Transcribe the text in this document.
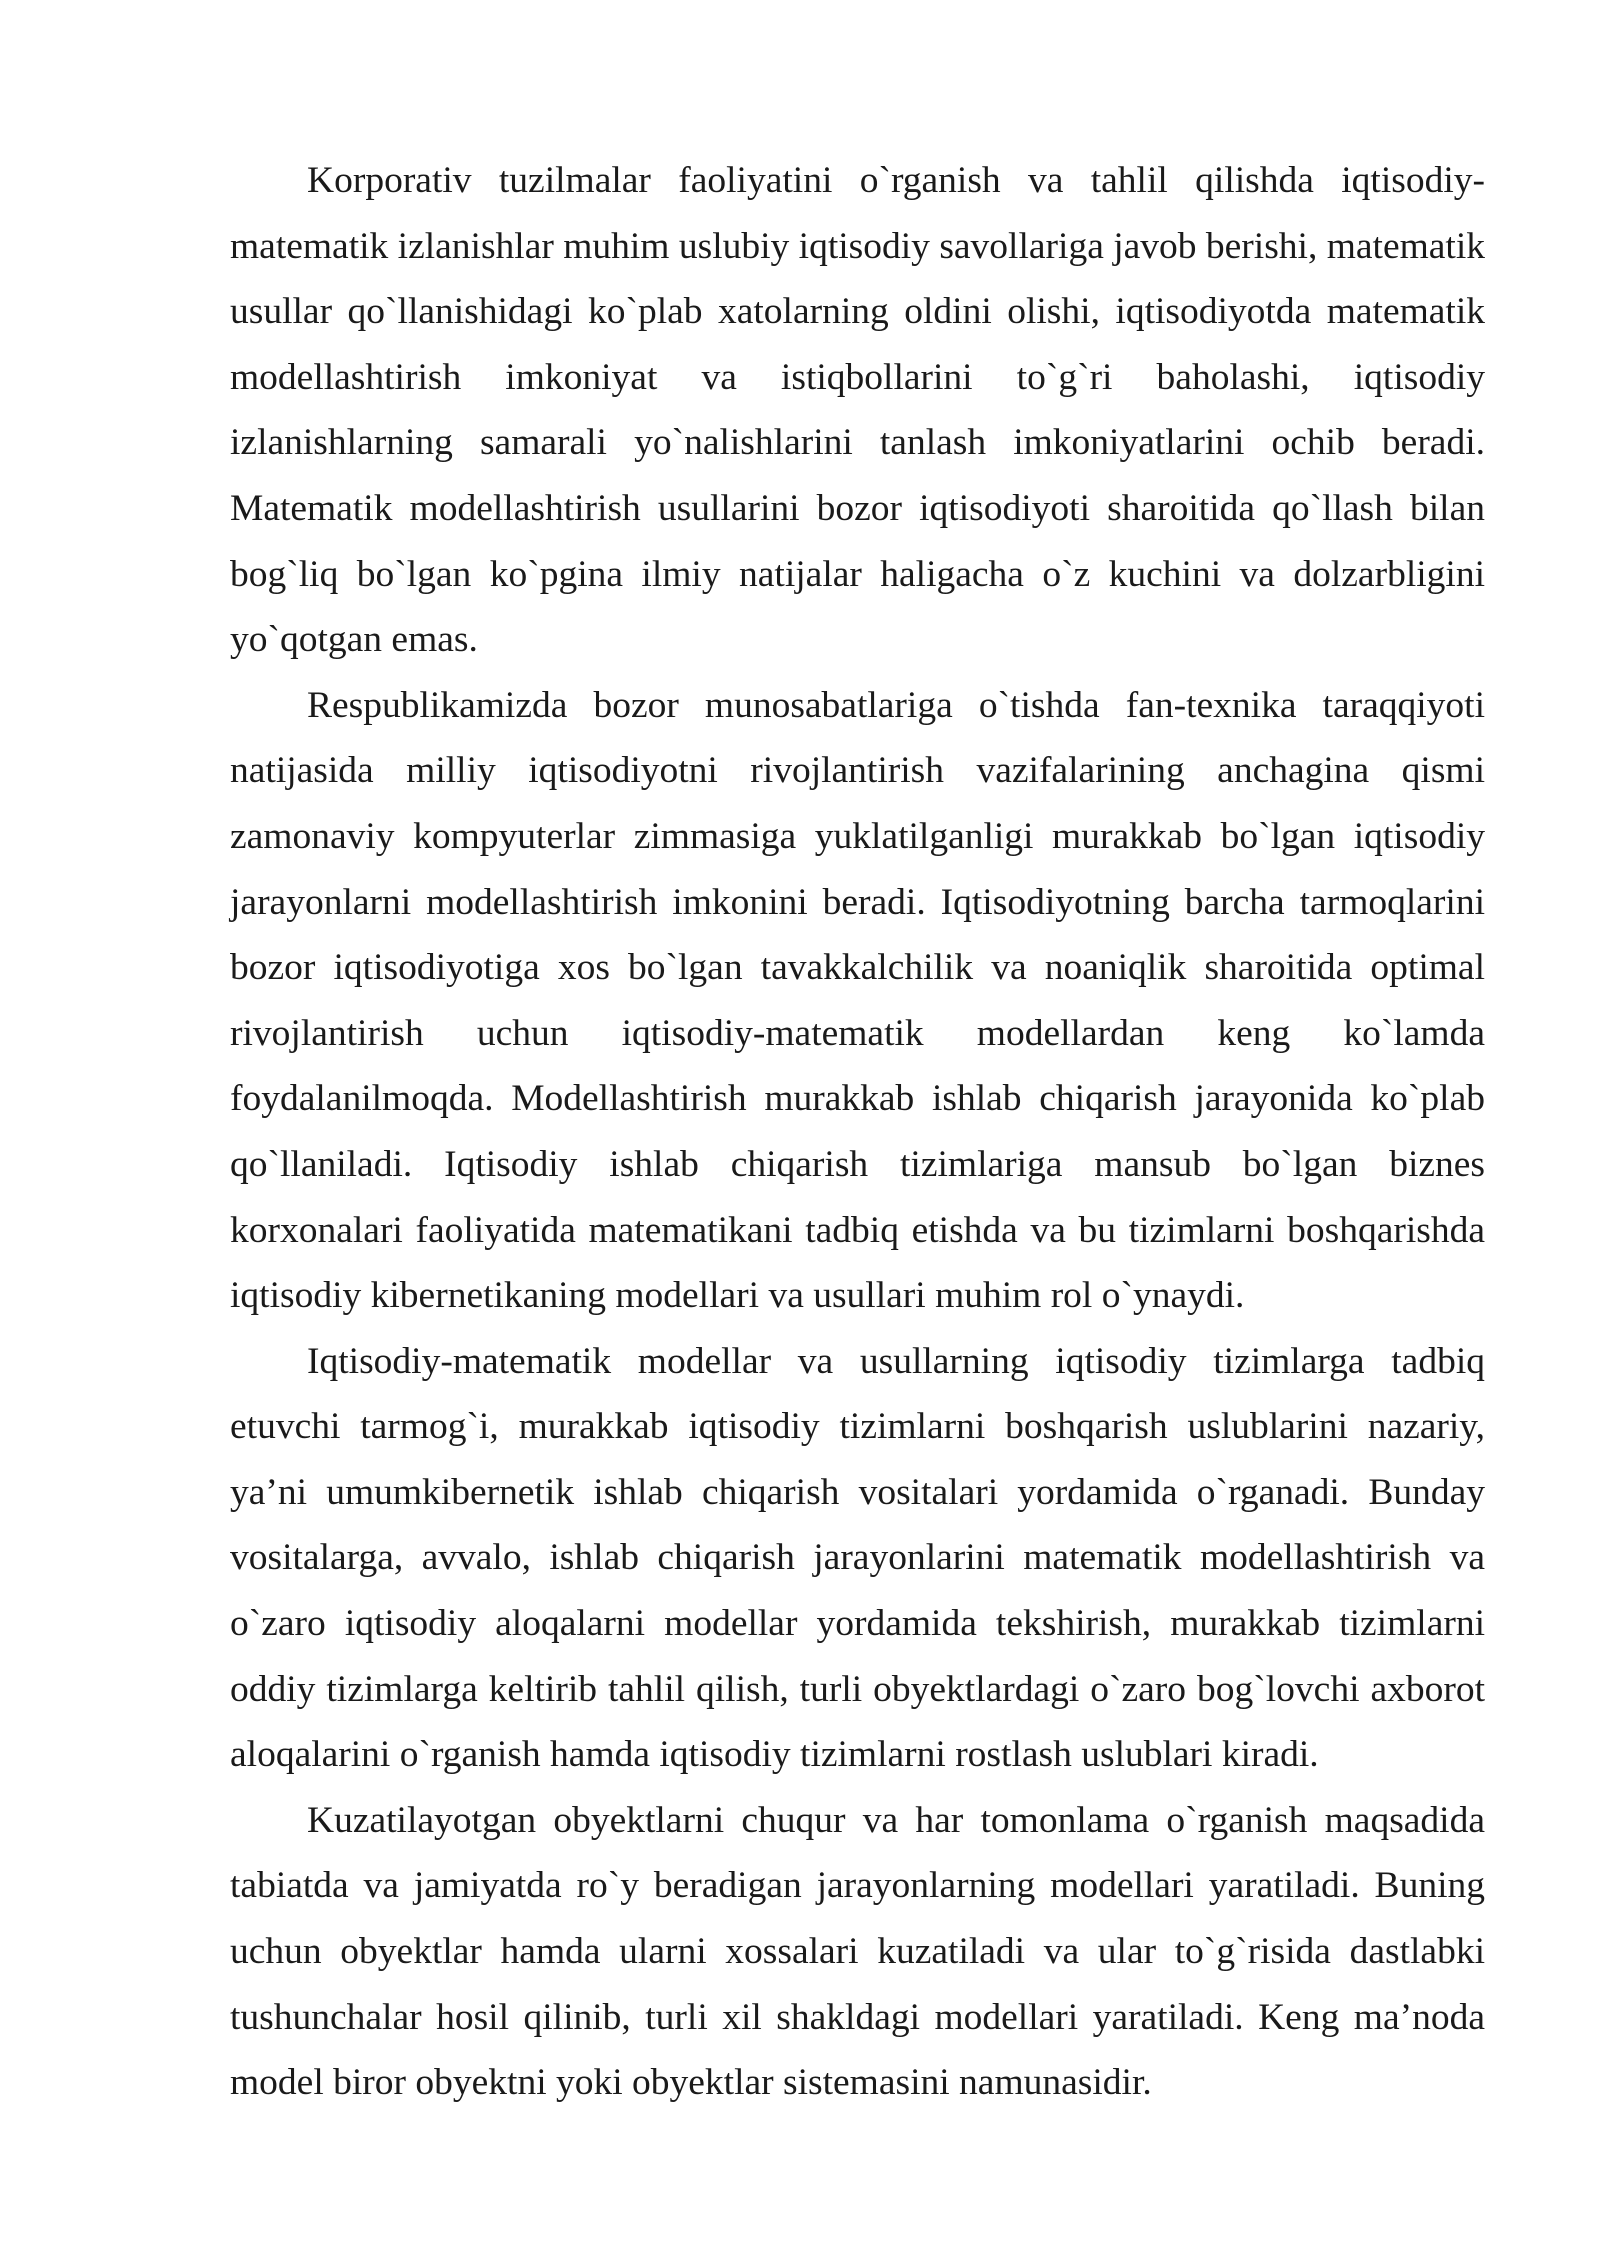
Korporativ tuzilmalar faoliyatini o`rganish va tahlil qilishda iqtisodiy-matematik izlanishlar muhim uslubiy iqtisodiy savollariga javob berishi, matematik usullar qo`llanishidagi ko`plab xatolarning oldini olishi, iqtisodiyotda matematik modellashtirish imkoniyat va istiqbollarini to`g`ri baholashi, iqtisodiy izlanishlarning samarali yo`nalishlarini tanlash imkoniyatlarini ochib beradi. Matematik modellashtirish usullarini bozor iqtisodiyoti sharoitida qo`llash bilan bog`liq bo`lgan ko`pgina ilmiy natijalar haligacha o`z kuchini va dolzarbligini yo`qotgan emas.

Respublikamizda bozor munosabatlariga o`tishda fan-texnika taraqqiyoti natijasida milliy iqtisodiyotni rivojlantirish vazifalarining anchagina qismi zamonaviy kompyuterlar zimmasiga yuklatilganligi murakkab bo`lgan iqtisodiy jarayonlarni modellashtirish imkonini beradi. Iqtisodiyotning barcha tarmoqlarini bozor iqtisodiyotiga xos bo`lgan tavakkalchilik va noaniqlik sharoitida optimal rivojlantirish uchun iqtisodiy-matematik modellardan keng ko`lamda foydalanilmoqda. Modellashtirish murakkab ishlab chiqarish jarayonida ko`plab qo`llaniladi. Iqtisodiy ishlab chiqarish tizimlariga mansub bo`lgan biznes korxonalari faoliyatida matematikani tadbiq etishda va bu tizimlarni boshqarishda iqtisodiy kibernetikaning modellari va usullari muhim rol o`ynaydi.

Iqtisodiy-matematik modellar va usullarning iqtisodiy tizimlarga tadbiq etuvchi tarmog`i, murakkab iqtisodiy tizimlarni boshqarish uslublarini nazariy, ya’ni umumkibernetik ishlab chiqarish vositalari yordamida o`rganadi. Bunday vositalarga, avvalo, ishlab chiqarish jarayonlarini matematik modellashtirish va o`zaro iqtisodiy aloqalarni modellar yordamida tekshirish, murakkab tizimlarni oddiy tizimlarga keltirib tahlil qilish, turli obyektlardagi o`zaro bog`lovchi axborot aloqalarini o`rganish hamda iqtisodiy tizimlarni rostlash uslublari kiradi.

Kuzatilayotgan obyektlarni chuqur va har tomonlama o`rganish maqsadida tabiatda va jamiyatda ro`y beradigan jarayonlarning modellari yaratiladi. Buning uchun obyektlar hamda ularni xossalari kuzatiladi va ular to`g`risida dastlabki tushunchalar hosil qilinib, turli xil shakldagi modellari yaratiladi. Keng ma’noda model biror obyektni yoki obyektlar sistemasini namunasidir.
